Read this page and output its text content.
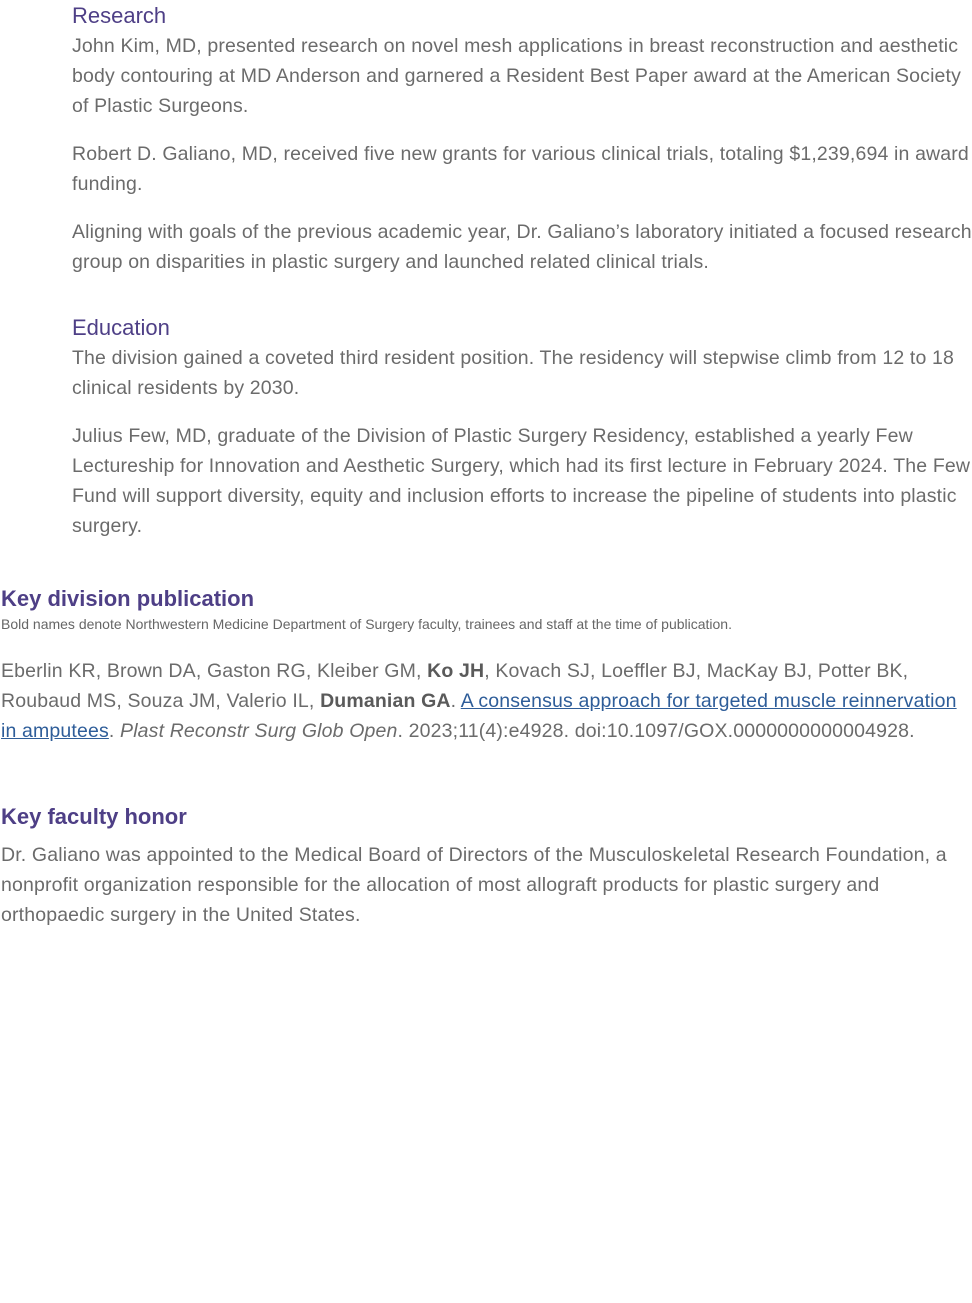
Research

John Kim, MD, presented research on novel mesh applications in breast reconstruction and aesthetic body contouring at MD Anderson and garnered a Resident Best Paper award at the American Society of Plastic Surgeons.

Robert D. Galiano, MD, received five new grants for various clinical trials, totaling $1,239,694 in award funding.

Aligning with goals of the previous academic year, Dr. Galiano’s laboratory initiated a focused research group on disparities in plastic surgery and launched related clinical trials.

Education

The division gained a coveted third resident position. The residency will stepwise climb from 12 to 18 clinical residents by 2030.

Julius Few, MD, graduate of the Division of Plastic Surgery Residency, established a yearly Few Lectureship for Innovation and Aesthetic Surgery, which had its first lecture in February 2024. The Few Fund will support diversity, equity and inclusion efforts to increase the pipeline of students into plastic surgery.

Key division publication
Bold names denote Northwestern Medicine Department of Surgery faculty, trainees and staff at the time of publication.

Eberlin KR, Brown DA, Gaston RG, Kleiber GM, Ko JH, Kovach SJ, Loeffler BJ, MacKay BJ, Potter BK, Roubaud MS, Souza JM, Valerio IL, Dumanian GA. A consensus approach for targeted muscle reinnervation in amputees. Plast Reconstr Surg Glob Open. 2023;11(4):e4928. doi:10.1097/GOX.0000000000004928.

Key faculty honor

Dr. Galiano was appointed to the Medical Board of Directors of the Musculoskeletal Research Foundation, a nonprofit organization responsible for the allocation of most allograft products for plastic surgery and orthopaedic surgery in the United States.
